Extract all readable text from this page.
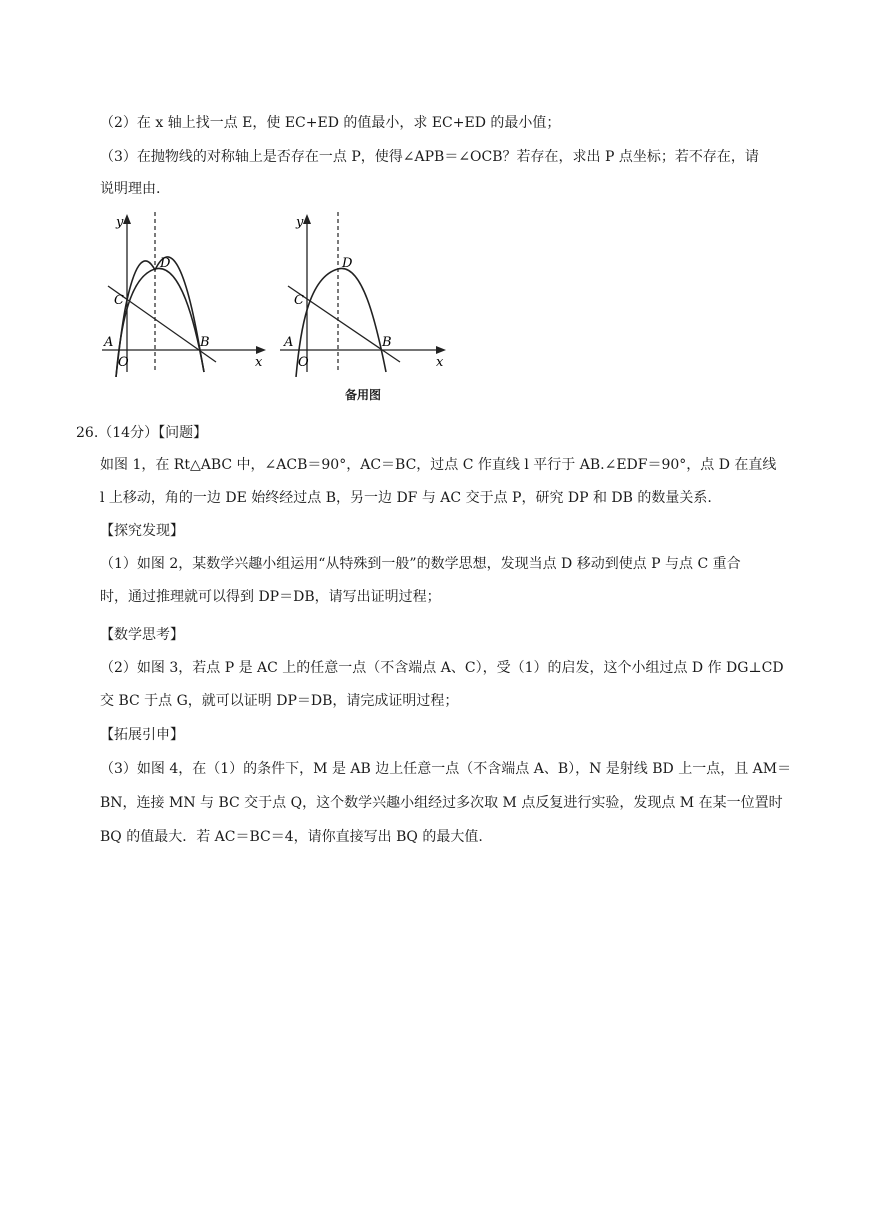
（2）在 x 轴上找一点 E，使 EC+ED 的值最小，求 EC+ED 的最小值；
（3）在抛物线的对称轴上是否存在一点 P，使得∠APB＝∠OCB？若存在，求出 P 点坐标；若不存在，请
说明理由.
y
x
A
O
B
C
D
y
x
A
O
B
C
D
备用图
26.（14分）【问题】
如图 1，在 Rt△ABC 中，∠ACB＝90°，AC＝BC，过点 C 作直线 l 平行于 AB.∠EDF＝90°，点 D 在直线
l 上移动，角的一边 DE 始终经过点 B，另一边 DF 与 AC 交于点 P，研究 DP 和 DB 的数量关系.
【探究发现】
（1）如图 2，某数学兴趣小组运用“从特殊到一般”的数学思想，发现当点 D 移动到使点 P 与点 C 重合
时，通过推理就可以得到 DP＝DB，请写出证明过程；
【数学思考】
（2）如图 3，若点 P 是 AC 上的任意一点（不含端点 A、C），受（1）的启发，这个小组过点 D 作 DG⊥CD
交 BC 于点 G，就可以证明 DP＝DB，请完成证明过程；
【拓展引申】
（3）如图 4，在（1）的条件下，M 是 AB 边上任意一点（不含端点 A、B），N 是射线 BD 上一点，且 AM＝
BN，连接 MN 与 BC 交于点 Q，这个数学兴趣小组经过多次取 M 点反复进行实验，发现点 M 在某一位置时
BQ 的值最大．若 AC＝BC＝4，请你直接写出 BQ 的最大值.
